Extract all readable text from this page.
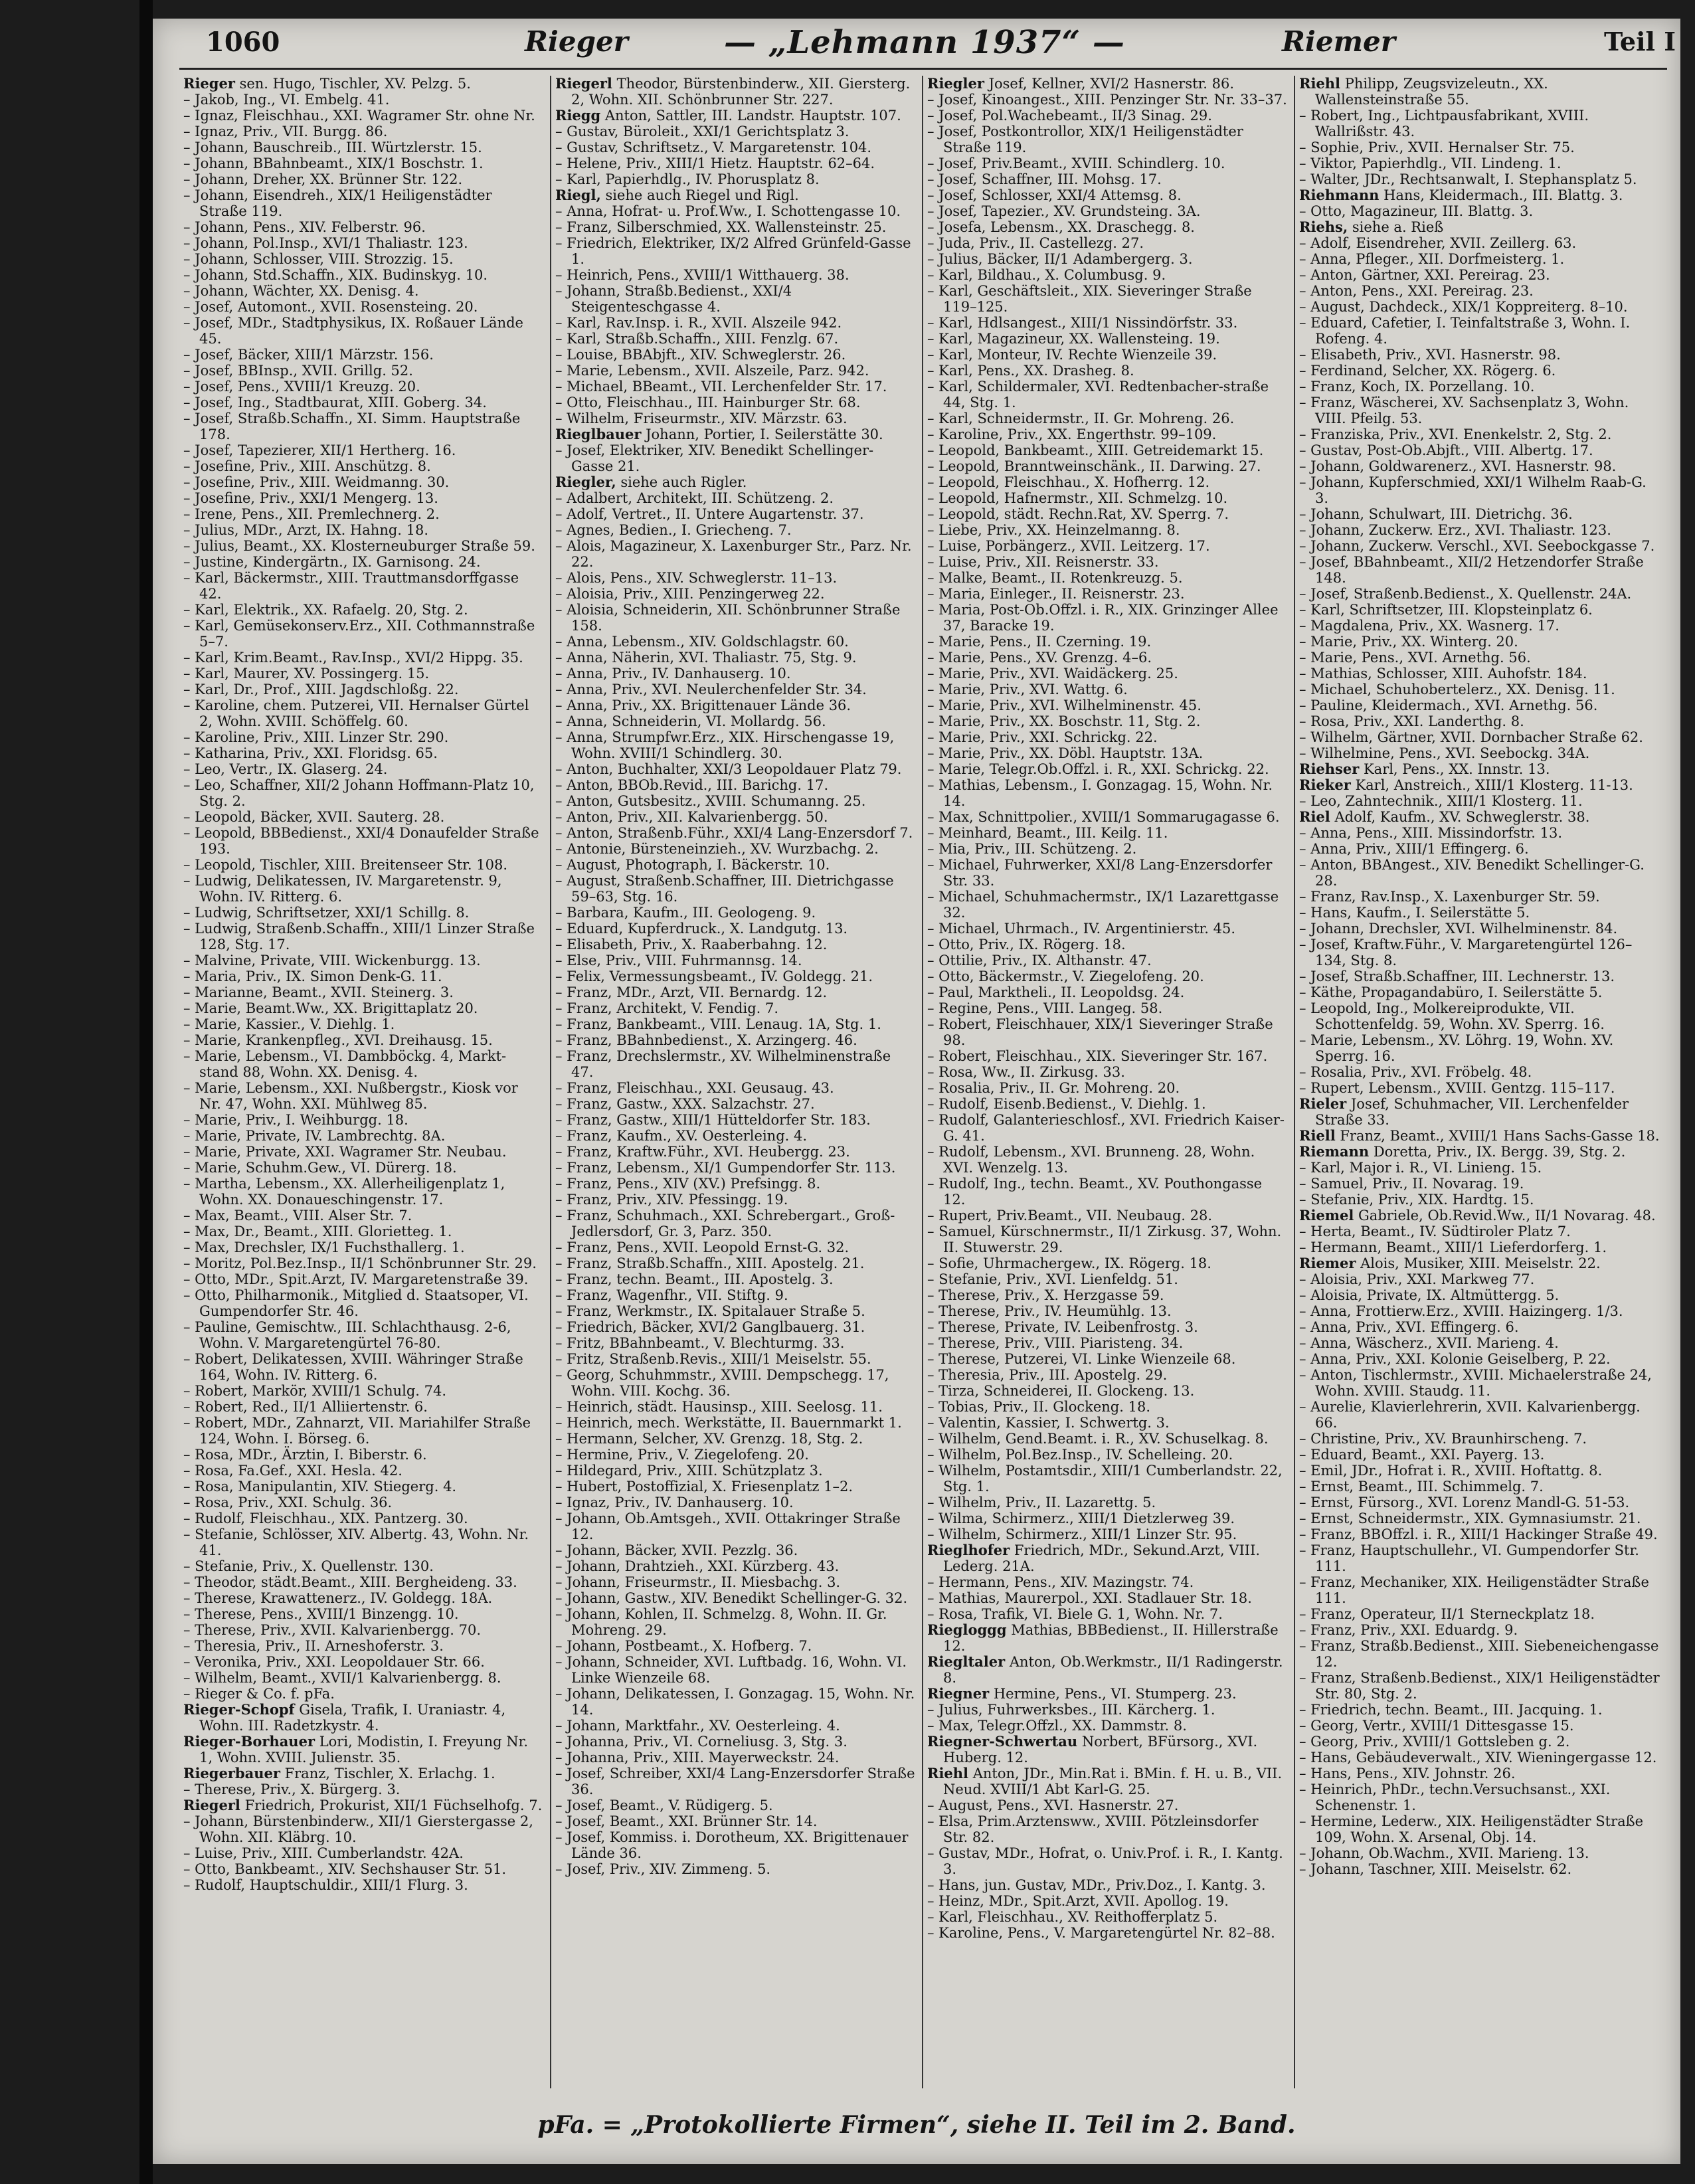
1060	Rieger	— „Lehmann 1937“ —	Riemer	Teil I

Rieger sen. Hugo, Tischler, XV. Pelzg. 5.

– Jakob, Ing., VI. Embelg. 41.

– Ignaz, Fleischhau., XXI. Wagramer Str. ohne Nr.

– Ignaz, Priv., VII. Burgg. 86.

– Johann, Bauschreib., III. Würtzlerstr. 15.

– Johann, BBahnbeamt., XIX/1 Boschstr. 1.

– Johann, Dreher, XX. Brünner Str. 122.

– Johann, Eisendreh., XIX/1 Heiligenstädter Straße 119.

– Johann, Pens., XIV. Felberstr. 96.

– Johann, Pol.Insp., XVI/1 Thaliastr. 123.

– Johann, Schlosser, VIII. Strozzig. 15.

– Johann, Std.Schaffn., XIX. Budinskyg. 10.

– Johann, Wächter, XX. Denisg. 4.

– Josef, Automont., XVII. Rosensteing. 20.

– Josef, MDr., Stadtphysikus, IX. Roßauer Lände 45.

– Josef, Bäcker, XIII/1 Märzstr. 156.

– Josef, BBInsp., XVII. Grillg. 52.

– Josef, Pens., XVIII/1 Kreuzg. 20.

– Josef, Ing., Stadtbaurat, XIII. Goberg. 34.

– Josef, Straßb.Schaffn., XI. Simm. Hauptstraße 178.

– Josef, Tapezierer, XII/1 Hertherg. 16.

– Josefine, Priv., XIII. Anschützg. 8.

– Josefine, Priv., XIII. Weidmanng. 30.

– Josefine, Priv., XXI/1 Mengerg. 13.

– Irene, Pens., XII. Premlechnerg. 2.

– Julius, MDr., Arzt, IX. Hahng. 18.

– Julius, Beamt., XX. Klosterneuburger Straße 59.

– Justine, Kindergärtn., IX. Garnisong. 24.

– Karl, Bäckermstr., XIII. Trauttmansdorffgasse 42.

– Karl, Elektrik., XX. Rafaelg. 20, Stg. 2.

– Karl, Gemüsekonserv.Erz., XII. Cothmannstraße 5–7.

– Karl, Krim.Beamt., Rav.Insp., XVI/2 Hippg. 35.

– Karl, Maurer, XV. Possingerg. 15.

– Karl, Dr., Prof., XIII. Jagdschloßg. 22.

– Karoline, chem. Putzerei, VII. Hernalser Gürtel 2, Wohn. XVIII. Schöffelg. 60.

– Karoline, Priv., XIII. Linzer Str. 290.

– Katharina, Priv., XXI. Floridsg. 65.

– Leo, Vertr., IX. Glaserg. 24.

– Leo, Schaffner, XII/2 Johann Hoffmann-Platz 10, Stg. 2.

– Leopold, Bäcker, XVII. Sauterg. 28.

– Leopold, BBBedienst., XXI/4 Donaufelder Straße 193.

– Leopold, Tischler, XIII. Breitenseer Str. 108.

– Ludwig, Delikatessen, IV. Margaretenstr. 9, Wohn. IV. Ritterg. 6.

– Ludwig, Schriftsetzer, XXI/1 Schillg. 8.

– Ludwig, Straßenb.Schaffn., XIII/1 Linzer Straße 128, Stg. 17.

– Malvine, Private, VIII. Wickenburgg. 13.

– Maria, Priv., IX. Simon Denk-G. 11.

– Marianne, Beamt., XVII. Steinerg. 3.

– Marie, Beamt.Ww., XX. Brigittaplatz 20.

– Marie, Kassier., V. Diehlg. 1.

– Marie, Krankenpfleg., XVI. Dreihausg. 15.

– Marie, Lebensm., VI. Dambböckg. 4, Markt-stand 88, Wohn. XX. Denisg. 4.

– Marie, Lebensm., XXI. Nußbergstr., Kiosk vor Nr. 47, Wohn. XXI. Mühlweg 85.

– Marie, Priv., I. Weihburgg. 18.

– Marie, Private, IV. Lambrechtg. 8A.

– Marie, Private, XXI. Wagramer Str. Neubau.

– Marie, Schuhm.Gew., VI. Dürerg. 18.

– Martha, Lebensm., XX. Allerheiligenplatz 1, Wohn. XX. Donaueschingenstr. 17.

– Max, Beamt., VIII. Alser Str. 7.

– Max, Dr., Beamt., XIII. Glorietteg. 1.

– Max, Drechsler, IX/1 Fuchsthallerg. 1.

– Moritz, Pol.Bez.Insp., II/1 Schönbrunner Str. 29.

– Otto, MDr., Spit.Arzt, IV. Margaretenstraße 39.

– Otto, Philharmonik., Mitglied d. Staatsoper, VI. Gumpendorfer Str. 46.

– Pauline, Gemischtw., III. Schlachthausg. 2-6, Wohn. V. Margaretengürtel 76-80.

– Robert, Delikatessen, XVIII. Währinger Straße 164, Wohn. IV. Ritterg. 6.

– Robert, Markör, XVIII/1 Schulg. 74.

– Robert, Red., II/1 Alliiertenstr. 6.

– Robert, MDr., Zahnarzt, VII. Mariahilfer Straße 124, Wohn. I. Börseg. 6.

– Rosa, MDr., Ärztin, I. Biberstr. 6.

– Rosa, Fa.Gef., XXI. Hesla. 42.

– Rosa, Manipulantin, XIV. Stiegerg. 4.

– Rosa, Priv., XXI. Schulg. 36.

– Rudolf, Fleischhau., XIX. Pantzerg. 30.

– Stefanie, Schlösser, XIV. Albertg. 43, Wohn. Nr. 41.

– Stefanie, Priv., X. Quellenstr. 130.

– Theodor, städt.Beamt., XIII. Bergheideng. 33.

– Therese, Krawattenerz., IV. Goldegg. 18A.

– Therese, Pens., XVIII/1 Binzengg. 10.

– Therese, Priv., XVII. Kalvarienbergg. 70.

– Theresia, Priv., II. Arneshoferstr. 3.

– Veronika, Priv., XXI. Leopoldauer Str. 66.

– Wilhelm, Beamt., XVII/1 Kalvarienbergg. 8.

– Rieger & Co. f. pFa.

Rieger-Schopf Gisela, Trafik, I. Uraniastr. 4, Wohn. III. Radetzkystr. 4.

Rieger-Borhauer Lori, Modistin, I. Freyung Nr. 1, Wohn. XVIII. Julienstr. 35.

Riegerbauer Franz, Tischler, X. Erlachg. 1.

– Therese, Priv., X. Bürgerg. 3.

Riegerl Friedrich, Prokurist, XII/1 Füchselhofg. 7.

– Johann, Bürstenbinderw., XII/1 Gierstergasse 2, Wohn. XII. Kläbrg. 10.

– Luise, Priv., XIII. Cumberlandstr. 42A.

– Otto, Bankbeamt., XIV. Sechshauser Str. 51.

– Rudolf, Hauptschuldir., XIII/1 Flurg. 3.

Riegerl Theodor, Bürstenbinderw., XII. Giersterg. 2, Wohn. XII. Schönbrunner Str. 227.

Riegg Anton, Sattler, III. Landstr. Hauptstr. 107.

– Gustav, Büroleit., XXI/1 Gerichtsplatz 3.

– Gustav, Schriftsetz., V. Margaretenstr. 104.

– Helene, Priv., XIII/1 Hietz. Hauptstr. 62–64.

– Karl, Papierhdlg., IV. Phorusplatz 8.

Riegl, siehe auch Riegel und Rigl.

– Anna, Hofrat- u. Prof.Ww., I. Schottengasse 10.

– Franz, Silberschmied, XX. Wallensteinstr. 25.

– Friedrich, Elektriker, IX/2 Alfred Grünfeld-Gasse 1.

– Heinrich, Pens., XVIII/1 Witthauerg. 38.

– Johann, Straßb.Bedienst., XXI/4 Steigenteschgasse 4.

– Karl, Rav.Insp. i. R., XVII. Alszeile 942.

– Karl, Straßb.Schaffn., XIII. Fenzlg. 67.

– Louise, BBAbjft., XIV. Schweglerstr. 26.

– Marie, Lebensm., XVII. Alszeile, Parz. 942.

– Michael, BBeamt., VII. Lerchenfelder Str. 17.

– Otto, Fleischhau., III. Hainburger Str. 68.

– Wilhelm, Friseurmstr., XIV. Märzstr. 63.

Rieglbauer Johann, Portier, I. Seilerstätte 30.

– Josef, Elektriker, XIV. Benedikt Schellinger-Gasse 21.

Riegler, siehe auch Rigler.

– Adalbert, Architekt, III. Schützeng. 2.

– Adolf, Vertret., II. Untere Augartenstr. 37.

– Agnes, Bedien., I. Griecheng. 7.

– Alois, Magazineur, X. Laxenburger Str., Parz. Nr. 22.

– Alois, Pens., XIV. Schweglerstr. 11–13.

– Aloisia, Priv., XIII. Penzingerweg 22.

– Aloisia, Schneiderin, XII. Schönbrunner Straße 158.

– Anna, Lebensm., XIV. Goldschlagstr. 60.

– Anna, Näherin, XVI. Thaliastr. 75, Stg. 9.

– Anna, Priv., IV. Danhauserg. 10.

– Anna, Priv., XVI. Neulerchenfelder Str. 34.

– Anna, Priv., XX. Brigittenauer Lände 36.

– Anna, Schneiderin, VI. Mollardg. 56.

– Anna, Strumpfwr.Erz., XIX. Hirschengasse 19, Wohn. XVIII/1 Schindlerg. 30.

– Anton, Buchhalter, XXI/3 Leopoldauer Platz 79.

– Anton, BBOb.Revid., III. Barichg. 17.

– Anton, Gutsbesitz., XVIII. Schumanng. 25.

– Anton, Priv., XII. Kalvarienbergg. 50.

– Anton, Straßenb.Führ., XXI/4 Lang-Enzersdorf 7.

– Antonie, Bürsteneinzieh., XV. Wurzbachg. 2.

– August, Photograph, I. Bäckerstr. 10.

– August, Straßenb.Schaffner, III. Dietrichgasse 59–63, Stg. 16.

– Barbara, Kaufm., III. Geologeng. 9.

– Eduard, Kupferdruck., X. Landgutg. 13.

– Elisabeth, Priv., X. Raaberbahng. 12.

– Else, Priv., VIII. Fuhrmannsg. 14.

– Felix, Vermessungsbeamt., IV. Goldegg. 21.

– Franz, MDr., Arzt, VII. Bernardg. 12.

– Franz, Architekt, V. Fendig. 7.

– Franz, Bankbeamt., VIII. Lenaug. 1A, Stg. 1.

– Franz, BBahnbedienst., X. Arzingerg. 46.

– Franz, Drechslermstr., XV. Wilhelminenstraße 47.

– Franz, Fleischhau., XXI. Geusaug. 43.

– Franz, Gastw., XXX. Salzachstr. 27.

– Franz, Gastw., XIII/1 Hütteldorfer Str. 183.

– Franz, Kaufm., XV. Oesterleing. 4.

– Franz, Kraftw.Führ., XVI. Heubergg. 23.

– Franz, Lebensm., XI/1 Gumpendorfer Str. 113.

– Franz, Pens., XIV (XV.) Prefsingg. 8.

– Franz, Priv., XIV. Pfessingg. 19.

– Franz, Schuhmach., XXI. Schrebergart., Groß-Jedlersdorf, Gr. 3, Parz. 350.

– Franz, Pens., XVII. Leopold Ernst-G. 32.

– Franz, Straßb.Schaffn., XIII. Apostelg. 21.

– Franz, techn. Beamt., III. Apostelg. 3.

– Franz, Wagenfhr., VII. Stiftg. 9.

– Franz, Werkmstr., IX. Spitalauer Straße 5.

– Friedrich, Bäcker, XVI/2 Ganglbauerg. 31.

– Fritz, BBahnbeamt., V. Blechturmg. 33.

– Fritz, Straßenb.Revis., XIII/1 Meiselstr. 55.

– Georg, Schuhmmstr., XVIII. Dempschegg. 17, Wohn. VIII. Kochg. 36.

– Heinrich, städt. Hausinsp., XIII. Seelosg. 11.

– Heinrich, mech. Werkstätte, II. Bauernmarkt 1.

– Hermann, Selcher, XV. Grenzg. 18, Stg. 2.

– Hermine, Priv., V. Ziegelofeng. 20.

– Hildegard, Priv., XIII. Schützplatz 3.

– Hubert, Postoffizial, X. Friesenplatz 1–2.

– Ignaz, Priv., IV. Danhauserg. 10.

– Johann, Ob.Amtsgeh., XVII. Ottakringer Straße 12.

– Johann, Bäcker, XVII. Pezzlg. 36.

– Johann, Drahtzieh., XXI. Kürzberg. 43.

– Johann, Friseurmstr., II. Miesbachg. 3.

– Johann, Gastw., XIV. Benedikt Schellinger-G. 32.

– Johann, Kohlen, II. Schmelzg. 8, Wohn. II. Gr. Mohreng. 29.

– Johann, Postbeamt., X. Hofberg. 7.

– Johann, Schneider, XVI. Luftbadg. 16, Wohn. VI. Linke Wienzeile 68.

– Johann, Delikatessen, I. Gonzagag. 15, Wohn. Nr. 14.

– Johann, Marktfahr., XV. Oesterleing. 4.

– Johanna, Priv., VI. Corneliusg. 3, Stg. 3.

– Johanna, Priv., XIII. Mayerweckstr. 24.

– Josef, Schreiber, XXI/4 Lang-Enzersdorfer Straße 36.

– Josef, Beamt., V. Rüdigerg. 5.

– Josef, Beamt., XXI. Brünner Str. 14.

– Josef, Kommiss. i. Dorotheum, XX. Brigittenauer Lände 36.

– Josef, Priv., XIV. Zimmeng. 5.

Riegler Josef, Kellner, XVI/2 Hasnerstr. 86.

– Josef, Kinoangest., XIII. Penzinger Str. Nr. 33–37.

– Josef, Pol.Wachebeamt., II/3 Sinag. 29.

– Josef, Postkontrollor, XIX/1 Heiligenstädter Straße 119.

– Josef, Priv.Beamt., XVIII. Schindlerg. 10.

– Josef, Schaffner, III. Mohsg. 17.

– Josef, Schlosser, XXI/4 Attemsg. 8.

– Josef, Tapezier., XV. Grundsteing. 3A.

– Josefa, Lebensm., XX. Draschegg. 8.

– Juda, Priv., II. Castellezg. 27.

– Julius, Bäcker, II/1 Adambergerg. 3.

– Karl, Bildhau., X. Columbusg. 9.

– Karl, Geschäftsleit., XIX. Sieveringer Straße 119–125.

– Karl, Hdlsangest., XIII/1 Nissindörfstr. 33.

– Karl, Magazineur, XX. Wallensteing. 19.

– Karl, Monteur, IV. Rechte Wienzeile 39.

– Karl, Pens., XX. Drasheg. 8.

– Karl, Schildermaler, XVI. Redtenbacher-straße 44, Stg. 1.

– Karl, Schneidermstr., II. Gr. Mohreng. 26.

– Karoline, Priv., XX. Engerthstr. 99–109.

– Leopold, Bankbeamt., XIII. Getreidemarkt 15.

– Leopold, Branntweinschänk., II. Darwing. 27.

– Leopold, Fleischhau., X. Hofherrg. 12.

– Leopold, Hafnermstr., XII. Schmelzg. 10.

– Leopold, städt. Rechn.Rat, XV. Sperrg. 7.

– Liebe, Priv., XX. Heinzelmanng. 8.

– Luise, Porbängerz., XVII. Leitzerg. 17.

– Luise, Priv., XII. Reisnerstr. 33.

– Malke, Beamt., II. Rotenkreuzg. 5.

– Maria, Einleger., II. Reisnerstr. 23.

– Maria, Post-Ob.Offzl. i. R., XIX. Grinzinger Allee 37, Baracke 19.

– Marie, Pens., II. Czerning. 19.

– Marie, Pens., XV. Grenzg. 4–6.

– Marie, Priv., XVI. Waidäckerg. 25.

– Marie, Priv., XVI. Wattg. 6.

– Marie, Priv., XVI. Wilhelminenstr. 45.

– Marie, Priv., XX. Boschstr. 11, Stg. 2.

– Marie, Priv., XXI. Schrickg. 22.

– Marie, Priv., XX. Döbl. Hauptstr. 13A.

– Marie, Telegr.Ob.Offzl. i. R., XXI. Schrickg. 22.

– Mathias, Lebensm., I. Gonzagag. 15, Wohn. Nr. 14.

– Max, Schnittpolier., XVIII/1 Sommarugagasse 6.

– Meinhard, Beamt., III. Keilg. 11.

– Mia, Priv., III. Schützeng. 2.

– Michael, Fuhrwerker, XXI/8 Lang-Enzersdorfer Str. 33.

– Michael, Schuhmachermstr., IX/1 Lazarettgasse 32.

– Michael, Uhrmach., IV. Argentinierstr. 45.

– Otto, Priv., IX. Rögerg. 18.

– Ottilie, Priv., IX. Althanstr. 47.

– Otto, Bäckermstr., V. Ziegelofeng. 20.

– Paul, Marktheli., II. Leopoldsg. 24.

– Regine, Pens., VIII. Langeg. 58.

– Robert, Fleischhauer, XIX/1 Sieveringer Straße 98.

– Robert, Fleischhau., XIX. Sieveringer Str. 167.

– Rosa, Ww., II. Zirkusg. 33.

– Rosalia, Priv., II. Gr. Mohreng. 20.

– Rudolf, Eisenb.Bedienst., V. Diehlg. 1.

– Rudolf, Galanterieschlosf., XVI. Friedrich Kaiser-G. 41.

– Rudolf, Lebensm., XVI. Brunneng. 28, Wohn. XVI. Wenzelg. 13.

– Rudolf, Ing., techn. Beamt., XV. Pouthongasse 12.

– Rupert, Priv.Beamt., VII. Neubaug. 28.

– Samuel, Kürschnermstr., II/1 Zirkusg. 37, Wohn. II. Stuwerstr. 29.

– Sofie, Uhrmachergew., IX. Rögerg. 18.

– Stefanie, Priv., XVI. Lienfeldg. 51.

– Therese, Priv., X. Herzgasse 59.

– Therese, Priv., IV. Heumühlg. 13.

– Therese, Private, IV. Leibenfrostg. 3.

– Therese, Priv., VIII. Piaristeng. 34.

– Therese, Putzerei, VI. Linke Wienzeile 68.

– Theresia, Priv., III. Apostelg. 29.

– Tirza, Schneiderei, II. Glockeng. 13.

– Tobias, Priv., II. Glockeng. 18.

– Valentin, Kassier, I. Schwertg. 3.

– Wilhelm, Gend.Beamt. i. R., XV. Schuselkag. 8.

– Wilhelm, Pol.Bez.Insp., IV. Schelleing. 20.

– Wilhelm, Postamtsdir., XIII/1 Cumberlandstr. 22, Stg. 1.

– Wilhelm, Priv., II. Lazarettg. 5.

– Wilma, Schirmerz., XIII/1 Dietzlerweg 39.

– Wilhelm, Schirmerz., XIII/1 Linzer Str. 95.

Rieglhofer Friedrich, MDr., Sekund.Arzt, VIII. Lederg. 21A.

– Hermann, Pens., XIV. Mazingstr. 74.

– Mathias, Maurerpol., XXI. Stadlauer Str. 18.

– Rosa, Trafik, VI. Biele G. 1, Wohn. Nr. 7.

Riegloggg Mathias, BBBedienst., II. Hillerstraße 12.

Riegltaler Anton, Ob.Werkmstr., II/1 Radingerstr. 8.

Riegner Hermine, Pens., VI. Stumperg. 23.

– Julius, Fuhrwerksbes., III. Kärcherg. 1.

– Max, Telegr.Offzl., XX. Dammstr. 8.

Riegner-Schwertau Norbert, BFürsorg., XVI. Huberg. 12.

Riehl Anton, JDr., Min.Rat i. BMin. f. H. u. B., VII. Neud. XVIII/1 Abt Karl-G. 25.

– August, Pens., XVI. Hasnerstr. 27.

– Elsa, Prim.Arztensww., XVIII. Pötzleinsdorfer Str. 82.

– Gustav, MDr., Hofrat, o. Univ.Prof. i. R., I. Kantg. 3.

– Hans, jun. Gustav, MDr., Priv.Doz., I. Kantg. 3.

– Heinz, MDr., Spit.Arzt, XVII. Apollog. 19.

– Karl, Fleischhau., XV. Reithofferplatz 5.

– Karoline, Pens., V. Margaretengürtel Nr. 82–88.

Riehl Philipp, Zeugsvizeleutn., XX. Wallensteinstraße 55.

– Robert, Ing., Lichtpausfabrikant, XVIII. Wallrißstr. 43.

– Sophie, Priv., XVII. Hernalser Str. 75.

– Viktor, Papierhdlg., VII. Lindeng. 1.

– Walter, JDr., Rechtsanwalt, I. Stephansplatz 5.

Riehmann Hans, Kleidermach., III. Blattg. 3.

– Otto, Magazineur, III. Blattg. 3.

Riehs, siehe a. Rieß

– Adolf, Eisendreher, XVII. Zeillerg. 63.

– Anna, Pfleger., XII. Dorfmeisterg. 1.

– Anton, Gärtner, XXI. Pereirag. 23.

– Anton, Pens., XXI. Pereirag. 23.

– August, Dachdeck., XIX/1 Koppreiterg. 8–10.

– Eduard, Cafetier, I. Teinfaltstraße 3, Wohn. I. Rofeng. 4.

– Elisabeth, Priv., XVI. Hasnerstr. 98.

– Ferdinand, Selcher, XX. Rögerg. 6.

– Franz, Koch, IX. Porzellang. 10.

– Franz, Wäscherei, XV. Sachsenplatz 3, Wohn. VIII. Pfeilg. 53.

– Franziska, Priv., XVI. Enenkelstr. 2, Stg. 2.

– Gustav, Post-Ob.Abjft., VIII. Albertg. 17.

– Johann, Goldwarenerz., XVI. Hasnerstr. 98.

– Johann, Kupferschmied, XXI/1 Wilhelm Raab-G. 3.

– Johann, Schulwart, III. Dietrichg. 36.

– Johann, Zuckerw. Erz., XVI. Thaliastr. 123.

– Johann, Zuckerw. Verschl., XVI. Seebockgasse 7.

– Josef, BBahnbeamt., XII/2 Hetzendorfer Straße 148.

– Josef, Straßenb.Bedienst., X. Quellenstr. 24A.

– Karl, Schriftsetzer, III. Klopsteinplatz 6.

– Magdalena, Priv., XX. Wasnerg. 17.

– Marie, Priv., XX. Winterg. 20.

– Marie, Pens., XVI. Arnethg. 56.

– Mathias, Schlosser, XIII. Auhofstr. 184.

– Michael, Schuhobertelerz., XX. Denisg. 11.

– Pauline, Kleidermach., XVI. Arnethg. 56.

– Rosa, Priv., XXI. Landerthg. 8.

– Wilhelm, Gärtner, XVII. Dornbacher Straße 62.

– Wilhelmine, Pens., XVI. Seebockg. 34A.

Riehser Karl, Pens., XX. Innstr. 13.

Rieker Karl, Anstreich., XIII/1 Klosterg. 11-13.

– Leo, Zahntechnik., XIII/1 Klosterg. 11.

Riel Adolf, Kaufm., XV. Schweglerstr. 38.

– Anna, Pens., XIII. Missindorfstr. 13.

– Anna, Priv., XIII/1 Effingerg. 6.

– Anton, BBAngest., XIV. Benedikt Schellinger-G. 28.

– Franz, Rav.Insp., X. Laxenburger Str. 59.

– Hans, Kaufm., I. Seilerstätte 5.

– Johann, Drechsler, XVI. Wilhelminenstr. 84.

– Josef, Kraftw.Führ., V. Margaretengürtel 126–134, Stg. 8.

– Josef, Straßb.Schaffner, III. Lechnerstr. 13.

– Käthe, Propagandabüro, I. Seilerstätte 5.

– Leopold, Ing., Molkereiprodukte, VII. Schottenfeldg. 59, Wohn. XV. Sperrg. 16.

– Marie, Lebensm., XV. Löhrg. 19, Wohn. XV. Sperrg. 16.

– Rosalia, Priv., XVI. Fröbelg. 48.

– Rupert, Lebensm., XVIII. Gentzg. 115–117.

Rieler Josef, Schuhmacher, VII. Lerchenfelder Straße 33.

Riell Franz, Beamt., XVIII/1 Hans Sachs-Gasse 18.

Riemann Doretta, Priv., IX. Bergg. 39, Stg. 2.

– Karl, Major i. R., VI. Linieng. 15.

– Samuel, Priv., II. Novarag. 19.

– Stefanie, Priv., XIX. Hardtg. 15.

Riemel Gabriele, Ob.Revid.Ww., II/1 Novarag. 48.

– Herta, Beamt., IV. Südtiroler Platz 7.

– Hermann, Beamt., XIII/1 Lieferdorferg. 1.

Riemer Alois, Musiker, XIII. Meiselstr. 22.

– Aloisia, Priv., XXI. Markweg 77.

– Aloisia, Private, IX. Altmüttergg. 5.

– Anna, Frottierw.Erz., XVIII. Haizingerg. 1/3.

– Anna, Priv., XVI. Effingerg. 6.

– Anna, Wäscherz., XVII. Marieng. 4.

– Anna, Priv., XXI. Kolonie Geiselberg, P. 22.

– Anton, Tischlermstr., XVIII. Michaelerstraße 24, Wohn. XVIII. Staudg. 11.

– Aurelie, Klavierlehrerin, XVII. Kalvarienbergg. 66.

– Christine, Priv., XV. Braunhirscheng. 7.

– Eduard, Beamt., XXI. Payerg. 13.

– Emil, JDr., Hofrat i. R., XVIII. Hoftattg. 8.

– Ernst, Beamt., III. Schimmelg. 7.

– Ernst, Fürsorg., XVI. Lorenz Mandl-G. 51-53.

– Ernst, Schneidermstr., XIX. Gymnasiumstr. 21.

– Franz, BBOffzl. i. R., XIII/1 Hackinger Straße 49.

– Franz, Hauptschullehr., VI. Gumpendorfer Str. 111.

– Franz, Mechaniker, XIX. Heiligenstädter Straße 111.

– Franz, Operateur, II/1 Sterneckplatz 18.

– Franz, Priv., XXI. Eduardg. 9.

– Franz, Straßb.Bedienst., XIII. Siebeneichengasse 12.

– Franz, Straßenb.Bedienst., XIX/1 Heiligenstädter Str. 80, Stg. 2.

– Friedrich, techn. Beamt., III. Jacquing. 1.

– Georg, Vertr., XVIII/1 Dittesgasse 15.

– Georg, Priv., XVIII/1 Gottsleben g. 2.

– Hans, Gebäudeverwalt., XIV. Wieningergasse 12.

– Hans, Pens., XIV. Johnstr. 26.

– Heinrich, PhDr., techn.Versuchsanst., XXI. Schenenstr. 1.

– Hermine, Lederw., XIX. Heiligenstädter Straße 109, Wohn. X. Arsenal, Obj. 14.

– Johann, Ob.Wachm., XVII. Marieng. 13.

– Johann, Taschner, XIII. Meiselstr. 62.

pFa. = „Protokollierte Firmen“, siehe II. Teil im 2. Band.
